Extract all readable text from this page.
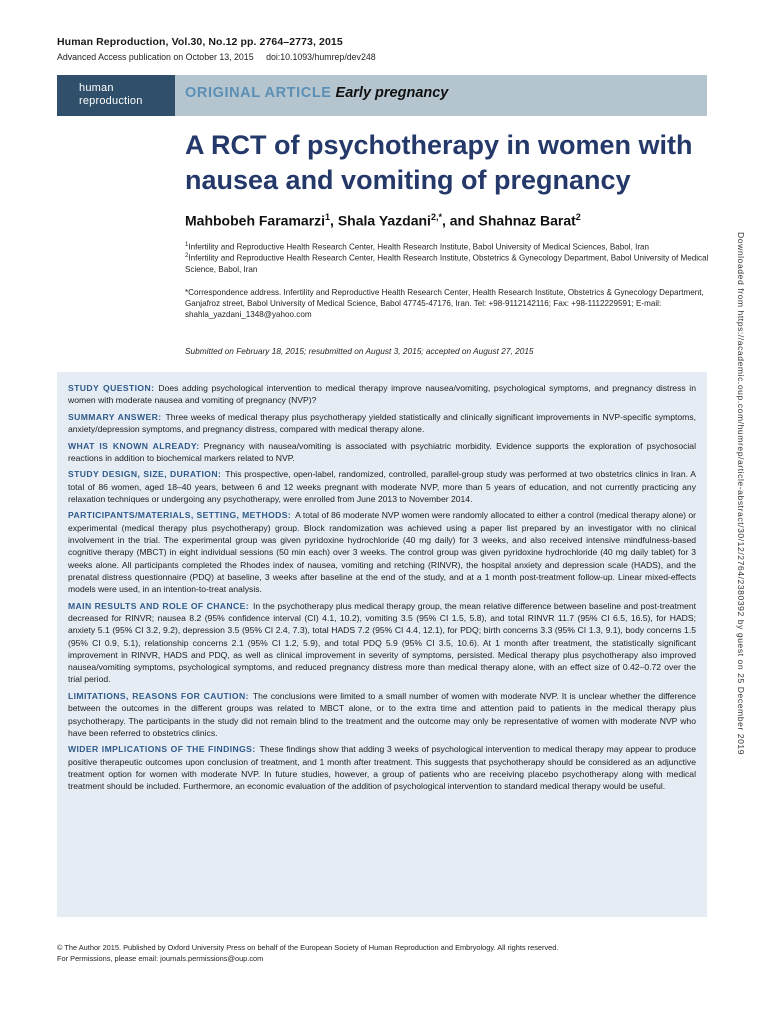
Human Reproduction, Vol.30, No.12 pp. 2764–2773, 2015
Advanced Access publication on October 13, 2015 doi:10.1093/humrep/dev248
human
reproduction	ORIGINAL ARTICLE Early pregnancy
A RCT of psychotherapy in women with nausea and vomiting of pregnancy
Mahbobeh Faramarzi$^1$, Shala Yazdani$^{2,*}$, and Shahnaz Barat$^2$
$^1$Infertility and Reproductive Health Research Center, Health Research Institute, Babol University of Medical Sciences, Babol, Iran
$^2$Infertility and Reproductive Health Research Center, Health Research Institute, Obstetrics & Gynecology Department, Babol University of Medical Science, Babol, Iran
*Correspondence address. Infertility and Reproductive Health Research Center, Health Research Institute, Obstetrics & Gynecology Department, Ganjafroz street, Babol University of Medical Science, Babol 47745-47176, Iran. Tel: +98-9112142116; Fax: +98-1112229591; E-mail: shahla_yazdani_1348@yahoo.com
Submitted on February 18, 2015; resubmitted on August 3, 2015; accepted on August 27, 2015

STUDY QUESTION: Does adding psychological intervention to medical therapy improve nausea/vomiting, psychological symptoms, and pregnancy distress in women with moderate nausea and vomiting of pregnancy (NVP)?

SUMMARY ANSWER: Three weeks of medical therapy plus psychotherapy yielded statistically and clinically significant improvements in NVP-specific symptoms, anxiety/depression symptoms, and pregnancy distress, compared with medical therapy alone.

WHAT IS KNOWN ALREADY: Pregnancy with nausea/vomiting is associated with psychiatric morbidity. Evidence supports the exploration of psychosocial reactions in addition to biochemical markers related to NVP.

STUDY DESIGN, SIZE, DURATION: This prospective, open-label, randomized, controlled, parallel-group study was performed at two obstetrics clinics in Iran. A total of 86 women, aged 18–40 years, between 6 and 12 weeks pregnant with moderate NVP, more than 5 years of education, and not currently practicing any relaxation techniques or undergoing any psychotherapy, were enrolled from June 2013 to November 2014.

PARTICIPANTS/MATERIALS, SETTING, METHODS: A total of 86 moderate NVP women were randomly allocated to either a control (medical therapy alone) or experimental (medical therapy plus psychotherapy) group. Block randomization was achieved using a paper list prepared by an investigator with no clinical involvement in the trial. The experimental group was given pyridoxine hydrochloride (40 mg daily) for 3 weeks, and also received intensive mindfulness-based cognitive therapy (MBCT) in eight individual sessions (50 min each) over 3 weeks. The control group was given pyridoxine hydrochloride (40 mg daily tablet) for 3 weeks alone. All participants completed the Rhodes index of nausea, vomiting and retching (RINVR), the hospital anxiety and depression scale (HADS), and the prenatal distress questionnaire (PDQ) at baseline, 3 weeks after baseline at the end of the study, and at a 1 month post-treatment follow-up. Linear mixed-effects models were used, in an intention-to-treat analysis.

MAIN RESULTS AND ROLE OF CHANCE: In the psychotherapy plus medical therapy group, the mean relative difference between baseline and post-treatment decreased for RINVR; nausea 8.2 (95% confidence interval (CI) 4.1, 10.2), vomiting 3.5 (95% CI 1.5, 5.8), and total RINVR 11.7 (95% CI 6.5, 16.5), for HADS; anxiety 5.1 (95% CI 3.2, 9.2), depression 3.5 (95% CI 2.4, 7.3), total HADS 7.2 (95% CI 4.4, 12.1), for PDQ; birth concerns 3.3 (95% CI 1.3, 9.1), body concerns 1.5 (95% CI 0.9, 5.1), relationship concerns 2.1 (95% CI 1.2, 5.9), and total PDQ 5.9 (95% CI 3.5, 10.6). At 1 month after treatment, the statistically significant improvement in RINVR, HADS and PDQ, as well as clinical improvement in severity of symptoms, persisted. Medical therapy plus psychotherapy also improved nausea/vomiting symptoms, psychological symptoms, and reduced pregnancy distress more than medical therapy alone, with an effect size of 0.42–0.72 over the trial period.

LIMITATIONS, REASONS FOR CAUTION: The conclusions were limited to a small number of women with moderate NVP. It is unclear whether the difference between the outcomes in the different groups was related to MBCT alone, or to the extra time and attention paid to patients in the medical therapy plus psychotherapy. The participants in the study did not remain blind to the treatment and the outcome may only be representative of women with moderate NVP who have been referred to obstetrics clinics.

WIDER IMPLICATIONS OF THE FINDINGS: These findings show that adding 3 weeks of psychological intervention to medical therapy may appear to produce positive therapeutic outcomes upon conclusion of treatment, and 1 month after treatment. This suggests that psychotherapy should be considered as an adjunctive treatment option for women with moderate NVP. In future studies, however, a group of patients who are receiving placebo psychotherapy along with medical treatment should be included. Furthermore, an economic evaluation of the addition of psychological intervention to standard medical therapy would be useful.

© The Author 2015. Published by Oxford University Press on behalf of the European Society of Human Reproduction and Embryology. All rights reserved.
For Permissions, please email: journals.permissions@oup.com
Downloaded from https://academic.oup.com/humrep/article-abstract/30/12/2764/2380392 by guest on 25 December 2019
